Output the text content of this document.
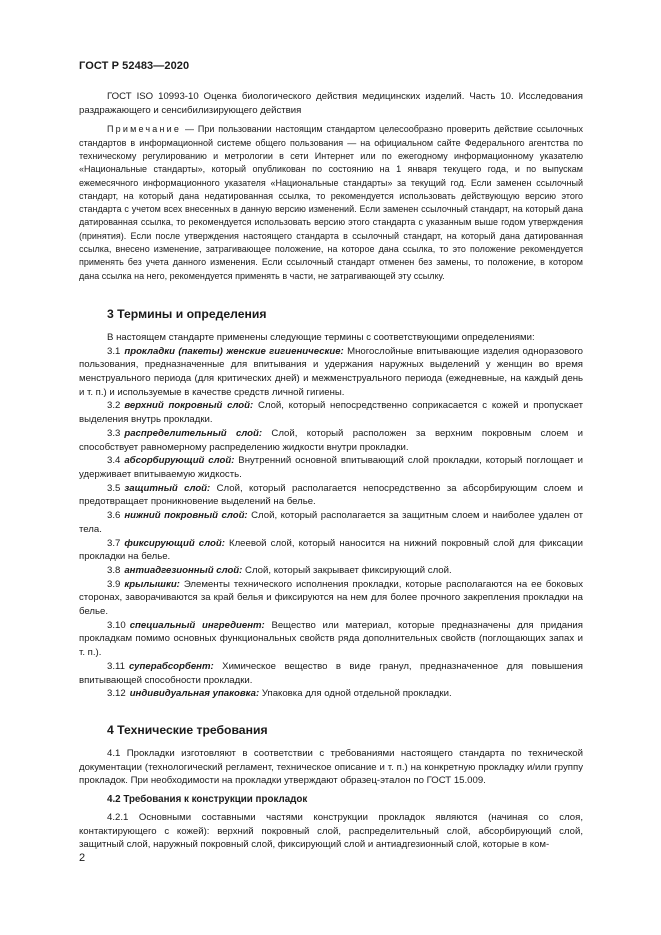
ГОСТ Р 52483—2020

ГОСТ ISO 10993-10 Оценка биологического действия медицинских изделий. Часть 10. Исследования раздражающего и сенсибилизирующего действия

Примечание — При пользовании настоящим стандартом целесообразно проверить действие ссылочных стандартов в информационной системе общего пользования — на официальном сайте Федерального агентства по техническому регулированию и метрологии в сети Интернет или по ежегодному информационному указателю «Национальные стандарты», который опубликован по состоянию на 1 января текущего года, и по выпускам ежемесячного информационного указателя «Национальные стандарты» за текущий год. Если заменен ссылочный стандарт, на который дана недатированная ссылка, то рекомендуется использовать действующую версию этого стандарта с учетом всех внесенных в данную версию изменений. Если заменен ссылочный стандарт, на который дана датированная ссылка, то рекомендуется использовать версию этого стандарта с указанным выше годом утверждения (принятия). Если после утверждения настоящего стандарта в ссылочный стандарт, на который дана датированная ссылка, внесено изменение, затрагивающее положение, на которое дана ссылка, то это положение рекомендуется применять без учета данного изменения. Если ссылочный стандарт отменен без замены, то положение, в котором дана ссылка на него, рекомендуется применять в части, не затрагивающей эту ссылку.

3 Термины и определения

В настоящем стандарте применены следующие термины с соответствующими определениями:

3.1 прокладки (пакеты) женские гигиенические: Многослойные впитывающие изделия одноразового пользования, предназначенные для впитывания и удержания наружных выделений у женщин во время менструального периода (для критических дней) и межменструального периода (ежедневные, на каждый день и т. п.) и используемые в качестве средств личной гигиены.

3.2 верхний покровный слой: Слой, который непосредственно соприкасается с кожей и пропускает выделения внутрь прокладки.

3.3 распределительный слой: Слой, который расположен за верхним покровным слоем и способствует равномерному распределению жидкости внутри прокладки.

3.4 абсорбирующий слой: Внутренний основной впитывающий слой прокладки, который поглощает и удерживает впитываемую жидкость.

3.5 защитный слой: Слой, который располагается непосредственно за абсорбирующим слоем и предотвращает проникновение выделений на белье.

3.6 нижний покровный слой: Слой, который располагается за защитным слоем и наиболее удален от тела.

3.7 фиксирующий слой: Клеевой слой, который наносится на нижний покровный слой для фиксации прокладки на белье.

3.8 антиадгезионный слой: Слой, который закрывает фиксирующий слой.

3.9 крылышки: Элементы технического исполнения прокладки, которые располагаются на ее боковых сторонах, заворачиваются за край белья и фиксируются на нем для более прочного закрепления прокладки на белье.

3.10 специальный ингредиент: Вещество или материал, которые предназначены для придания прокладкам помимо основных функциональных свойств ряда дополнительных свойств (поглощающих запах и т. п.).

3.11 суперабсорбент: Химическое вещество в виде гранул, предназначенное для повышения впитывающей способности прокладки.

3.12 индивидуальная упаковка: Упаковка для одной отдельной прокладки.

4 Технические требования

4.1 Прокладки изготовляют в соответствии с требованиями настоящего стандарта по технической документации (технологический регламент, техническое описание и т. п.) на конкретную прокладку и/или группу прокладок. При необходимости на прокладки утверждают образец-эталон по ГОСТ 15.009.

4.2 Требования к конструкции прокладок

4.2.1 Основными составными частями конструкции прокладок являются (начиная со слоя, контактирующего с кожей): верхний покровный слой, распределительный слой, абсорбирующий слой, защитный слой, наружный покровный слой, фиксирующий слой и антиадгезионный слой, которые в ком-

2
